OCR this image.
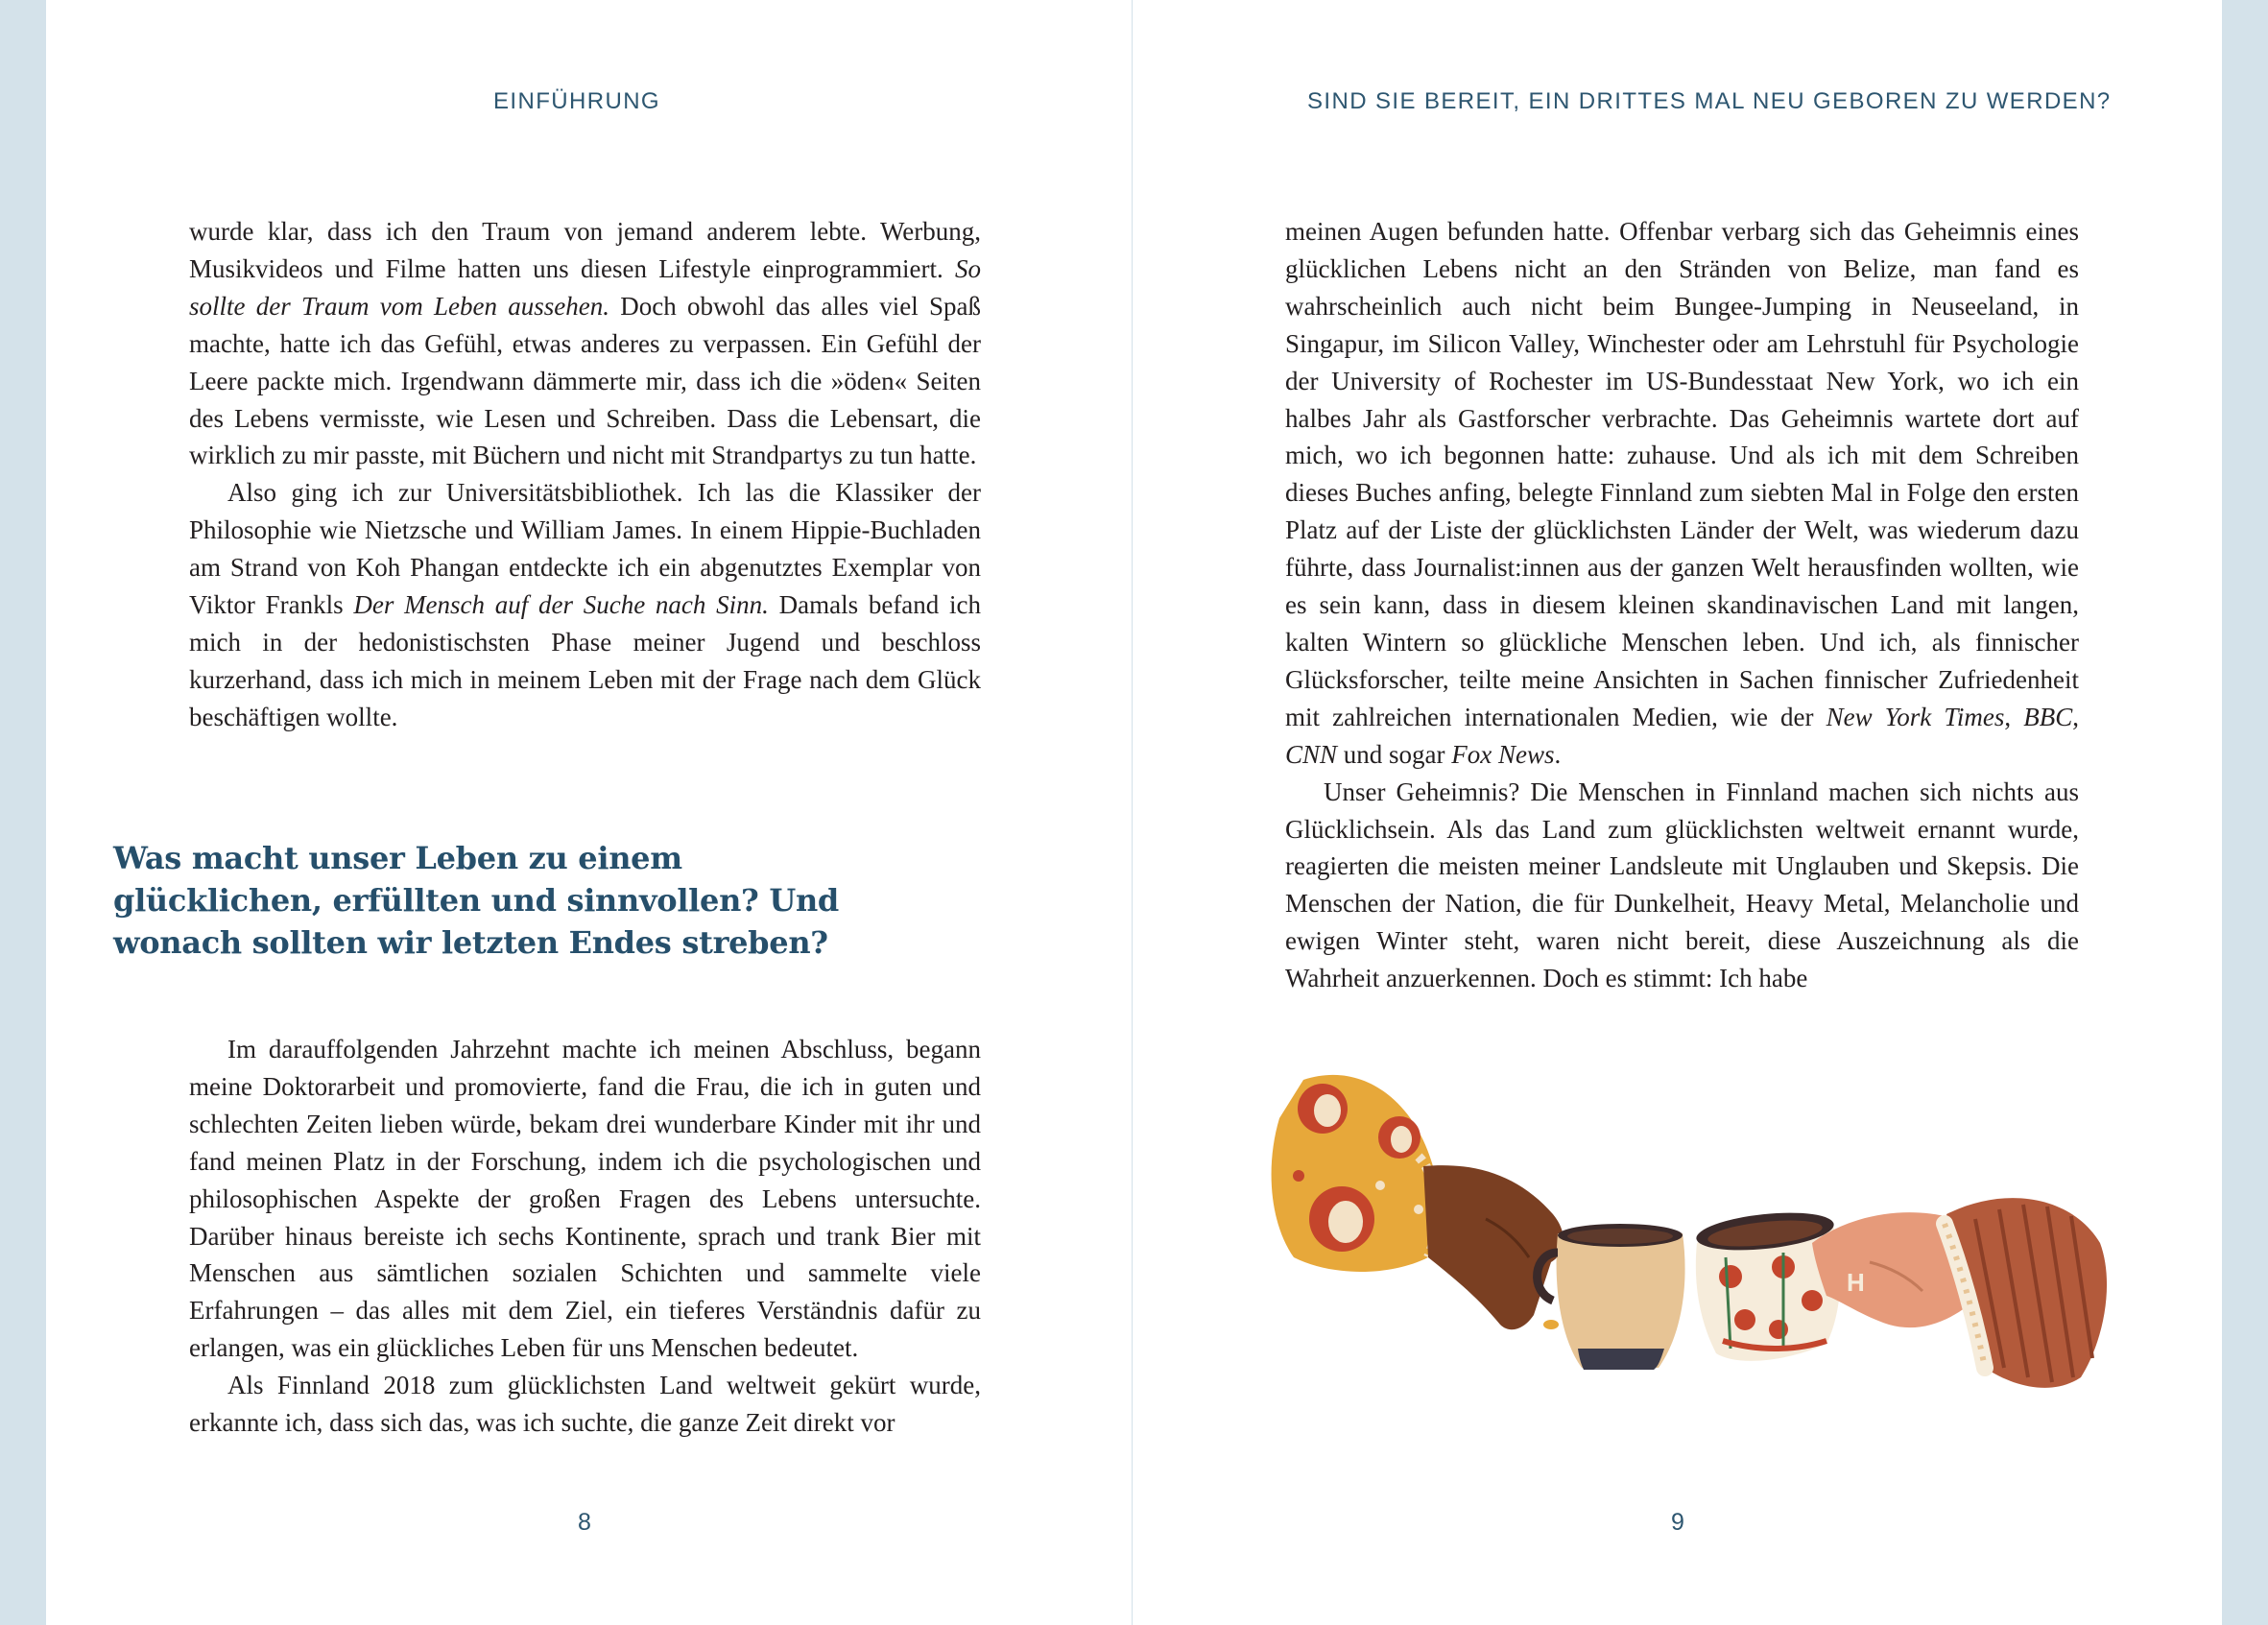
EINFÜHRUNG

wurde klar, dass ich den Traum von jemand anderem lebte. Werbung, Musikvideos und Filme hatten uns diesen Lifestyle einprogrammiert. So sollte der Traum vom Leben aussehen. Doch obwohl das alles viel Spaß machte, hatte ich das Gefühl, etwas anderes zu verpassen. Ein Gefühl der Leere packte mich. Irgendwann dämmerte mir, dass ich die »öden« Seiten des Lebens vermisste, wie Lesen und Schreiben. Dass die Lebensart, die wirklich zu mir passte, mit Büchern und nicht mit Strandpartys zu tun hatte.

Also ging ich zur Universitätsbibliothek. Ich las die Klassiker der Philosophie wie Nietzsche und William James. In einem Hippie-Buchladen am Strand von Koh Phangan entdeckte ich ein abgenutztes Exemplar von Viktor Frankls Der Mensch auf der Suche nach Sinn. Damals befand ich mich in der hedonistischsten Phase meiner Jugend und beschloss kurzerhand, dass ich mich in meinem Leben mit der Frage nach dem Glück beschäftigen wollte.

Was macht unser Leben zu einem glücklichen, erfüllten und sinnvollen? Und wonach sollten wir letzten Endes streben?

Im darauffolgenden Jahrzehnt machte ich meinen Abschluss, begann meine Doktorarbeit und promovierte, fand die Frau, die ich in guten und schlechten Zeiten lieben würde, bekam drei wunderbare Kinder mit ihr und fand meinen Platz in der Forschung, indem ich die psychologischen und philosophischen Aspekte der großen Fragen des Lebens untersuchte. Darüber hinaus bereiste ich sechs Kontinente, sprach und trank Bier mit Menschen aus sämtlichen sozialen Schichten und sammelte viele Erfahrungen – das alles mit dem Ziel, ein tieferes Verständnis dafür zu erlangen, was ein glückliches Leben für uns Menschen bedeutet.

Als Finnland 2018 zum glücklichsten Land weltweit gekürt wurde, erkannte ich, dass sich das, was ich suchte, die ganze Zeit direkt vor

8
SIND SIE BEREIT, EIN DRITTES MAL NEU GEBOREN ZU WERDEN?

meinen Augen befunden hatte. Offenbar verbarg sich das Geheimnis eines glücklichen Lebens nicht an den Stränden von Belize, man fand es wahrscheinlich auch nicht beim Bungee-Jumping in Neuseeland, in Singapur, im Silicon Valley, Winchester oder am Lehrstuhl für Psychologie der University of Rochester im US-Bundesstaat New York, wo ich ein halbes Jahr als Gastforscher verbrachte. Das Geheimnis wartete dort auf mich, wo ich begonnen hatte: zuhause. Und als ich mit dem Schreiben dieses Buches anfing, belegte Finnland zum siebten Mal in Folge den ersten Platz auf der Liste der glücklichsten Länder der Welt, was wiederum dazu führte, dass Journalist:innen aus der ganzen Welt herausfinden wollten, wie es sein kann, dass in diesem kleinen skandinavischen Land mit langen, kalten Wintern so glückliche Menschen leben. Und ich, als finnischer Glücksforscher, teilte meine Ansichten in Sachen finnischer Zufriedenheit mit zahlreichen internationalen Medien, wie der New York Times, BBC, CNN und sogar Fox News.

Unser Geheimnis? Die Menschen in Finnland machen sich nichts aus Glücklichsein. Als das Land zum glücklichsten weltweit ernannt wurde, reagierten die meisten meiner Landsleute mit Unglauben und Skepsis. Die Menschen der Nation, die für Dunkelheit, Heavy Metal, Melancholie und ewigen Winter steht, waren nicht bereit, diese Auszeichnung als die Wahrheit anzuerkennen. Doch es stimmt: Ich habe

H
9
